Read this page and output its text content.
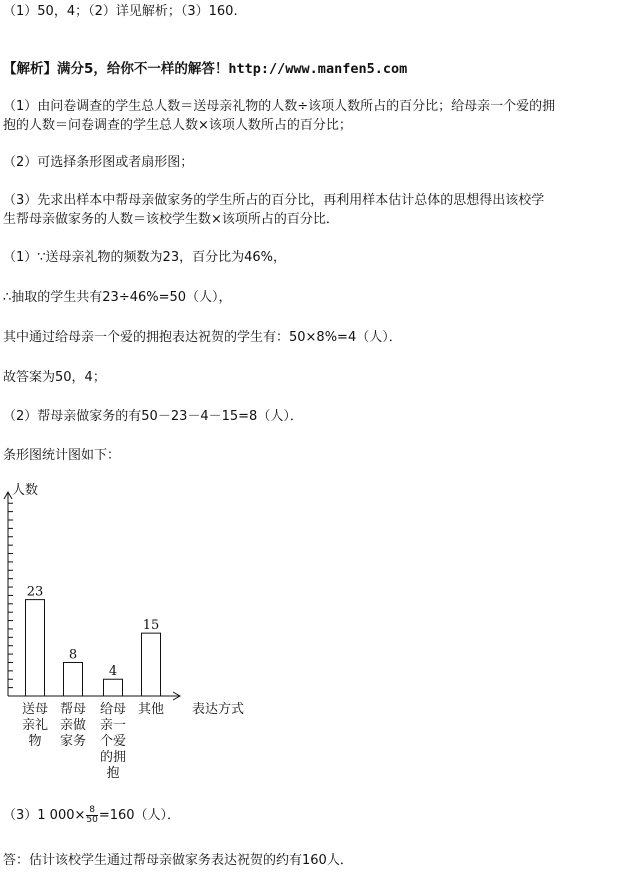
（1）50，4；（2）详见解析；（3）160.
【解析】满分5，给你不一样的解答！http://www.manfen5.com
（1）由问卷调查的学生总人数＝送母亲礼物的人数÷该项人数所占的百分比；给母亲一个爱的拥
抱的人数＝问卷调查的学生总人数×该项人数所占的百分比；
（2）可选择条形图或者扇形图；
（3）先求出样本中帮母亲做家务的学生所占的百分比，再利用样本估计总体的思想得出该校学
生帮母亲做家务的人数＝该校学生数×该项所占的百分比．
（1）∵送母亲礼物的频数为23，百分比为46%，
∴抽取的学生共有23÷46%=50（人），
其中通过给母亲一个爱的拥抱表达祝贺的学生有：50×8%=4（人）．
故答案为50，4；
（2）帮母亲做家务的有50－23－4－15=8（人）．
条形图统计图如下：
人数
表达方式
23
送母
亲礼
物
8
帮母
亲做
家务
4
给母
亲一
个爱
的拥
抱
15
其他
（3）1 $000\times \frac{8}{50} =160$（人）．
答：估计该校学生通过帮母亲做家务表达祝贺的约有160人．
